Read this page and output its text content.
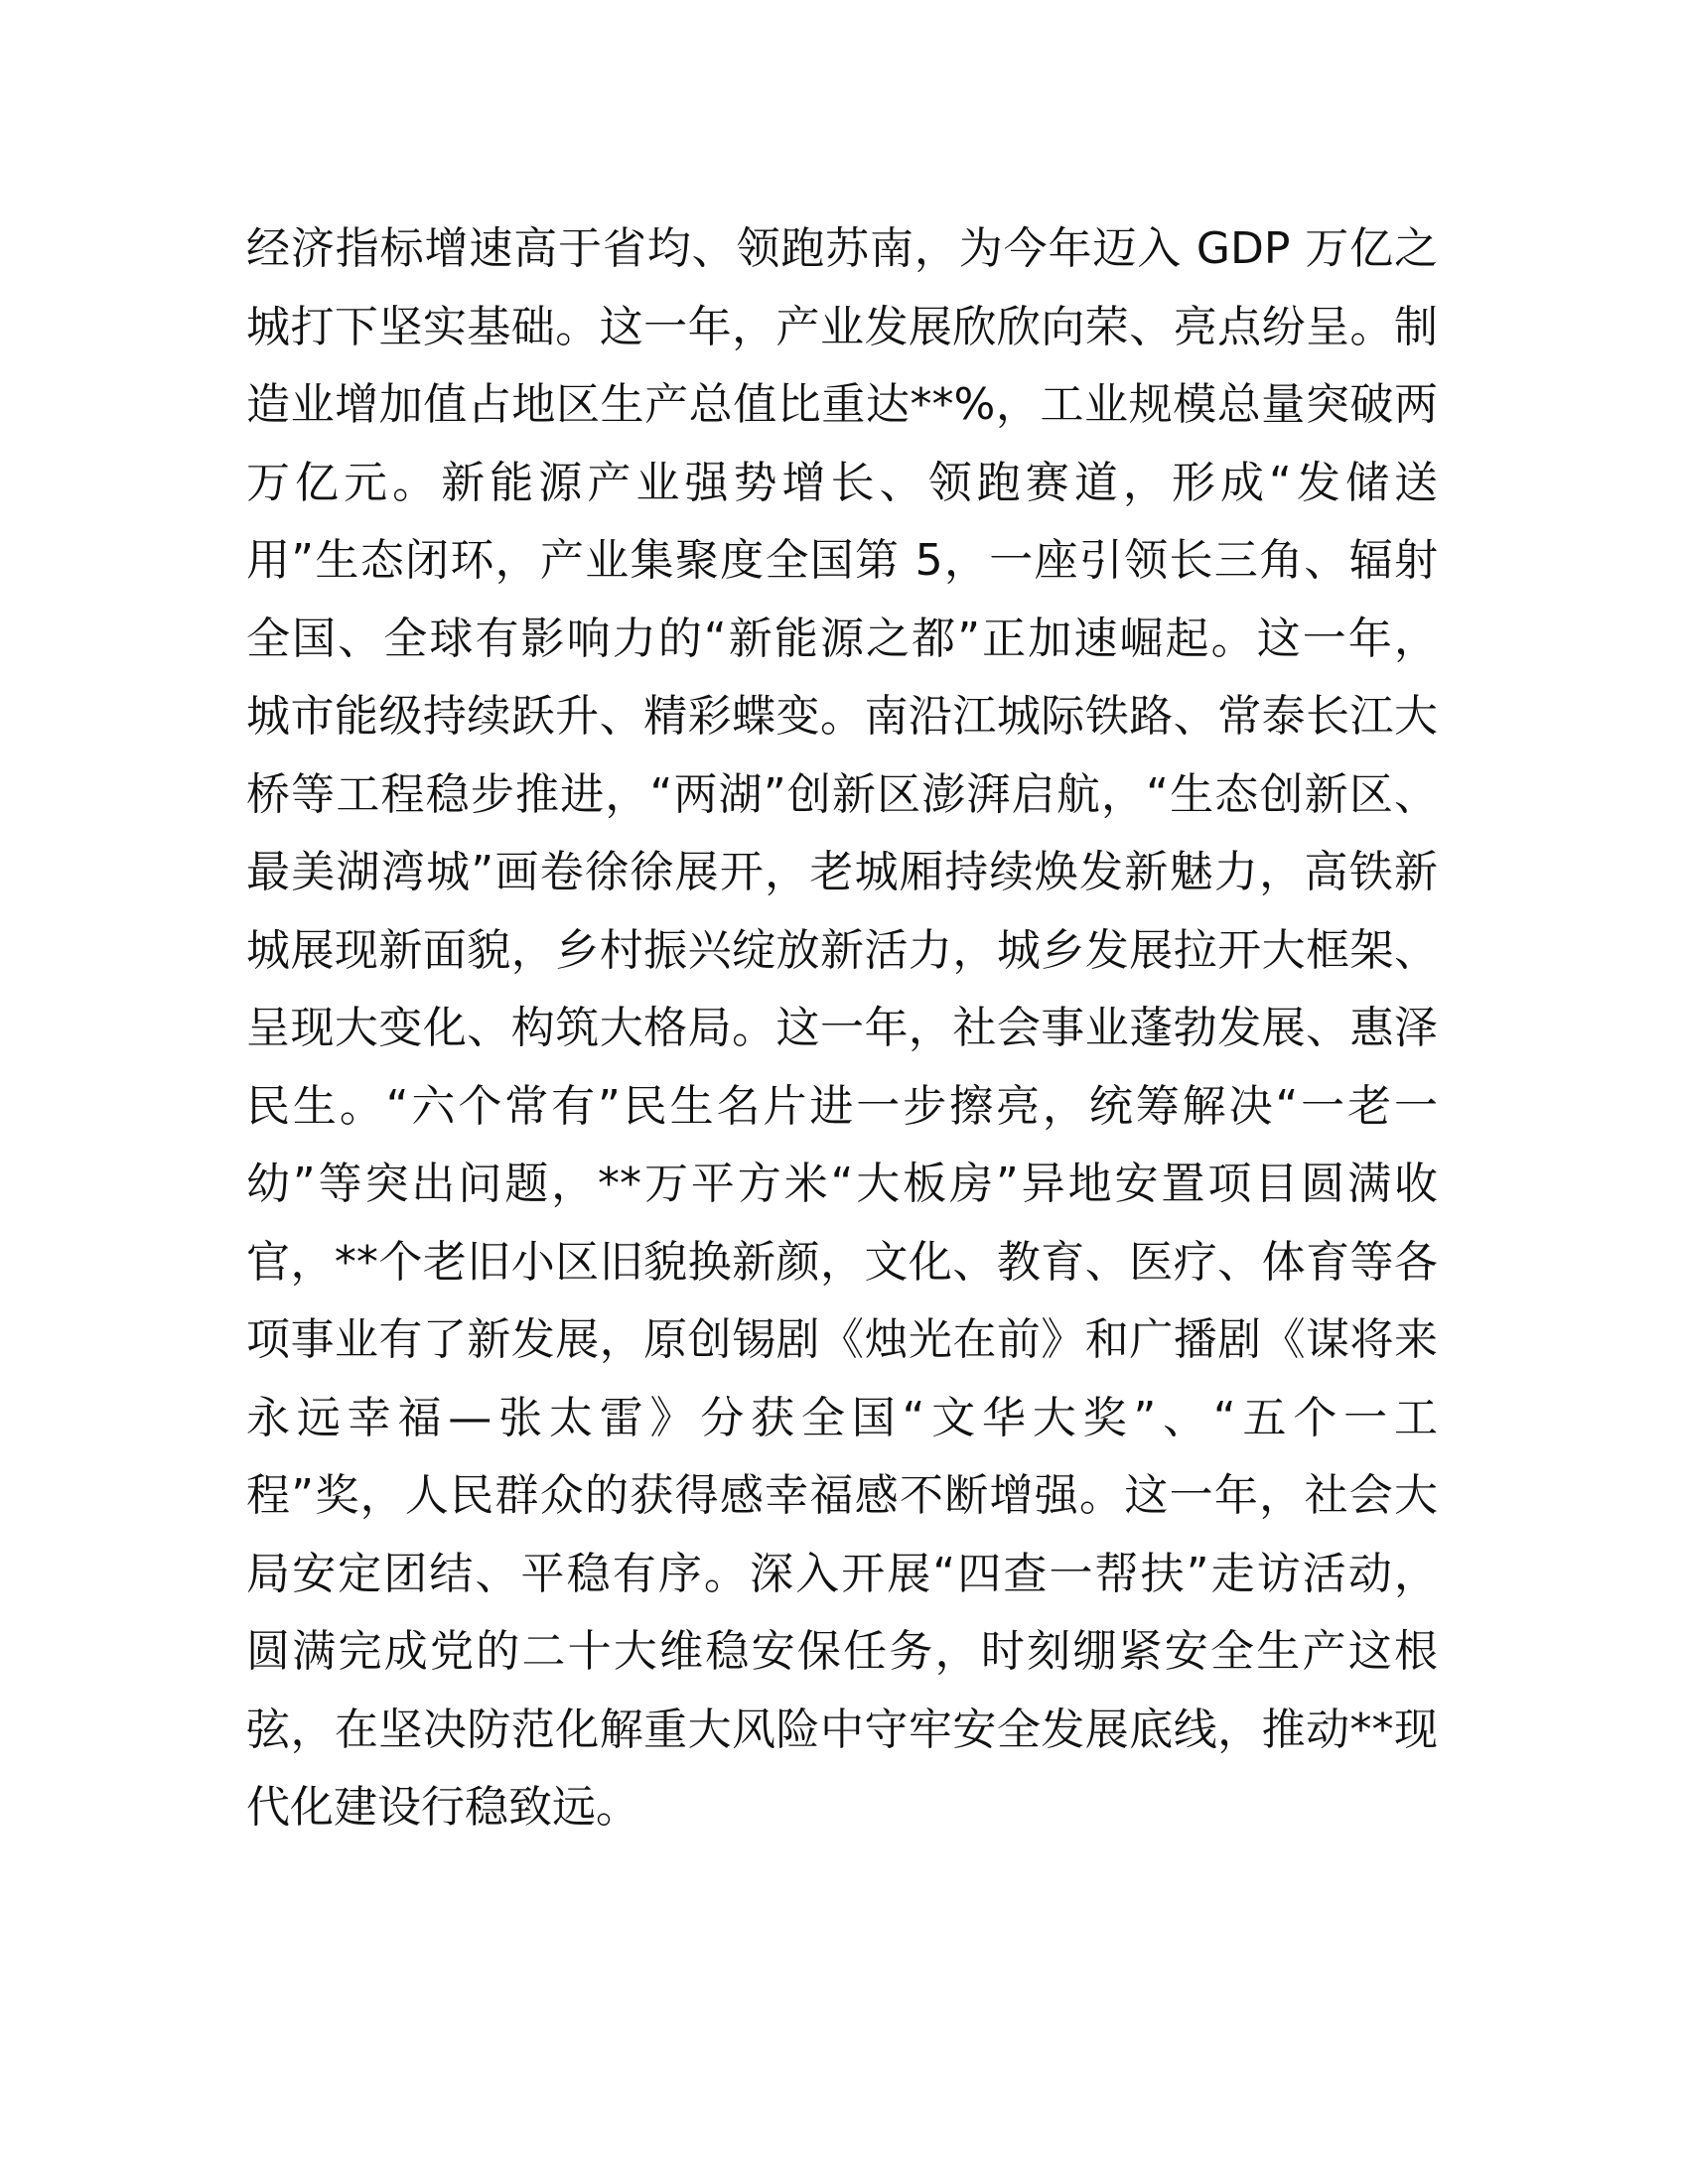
经济指标增速高于省均、领跑苏南，为今年迈入 GDP 万亿之
城打下坚实基础。这一年，产业发展欣欣向荣、亮点纷呈。制
造业增加值占地区生产总值比重达**%，工业规模总量突破两
万亿元。新能源产业强势增长、领跑赛道，形成“发储送
用”生态闭环，产业集聚度全国第 5，一座引领长三角、辐射
全国、全球有影响力的“新能源之都”正加速崛起。这一年，
城市能级持续跃升、精彩蝶变。南沿江城际铁路、常泰长江大
桥等工程稳步推进，“两湖”创新区澎湃启航，“生态创新区、
最美湖湾城”画卷徐徐展开，老城厢持续焕发新魅力，高铁新
城展现新面貌，乡村振兴绽放新活力，城乡发展拉开大框架、
呈现大变化、构筑大格局。这一年，社会事业蓬勃发展、惠泽
民生。“六个常有”民生名片进一步擦亮，统筹解决“一老一
幼”等突出问题，**万平方米“大板房”异地安置项目圆满收
官，**个老旧小区旧貌换新颜，文化、教育、医疗、体育等各
项事业有了新发展，原创锡剧《烛光在前》和广播剧《谋将来
永远幸福—张太雷》分获全国“文华大奖”、“五个一工
程”奖，人民群众的获得感幸福感不断增强。这一年，社会大
局安定团结、平稳有序。深入开展“四查一帮扶”走访活动，
圆满完成党的二十大维稳安保任务，时刻绷紧安全生产这根
弦，在坚决防范化解重大风险中守牢安全发展底线，推动**现
代化建设行稳致远。
